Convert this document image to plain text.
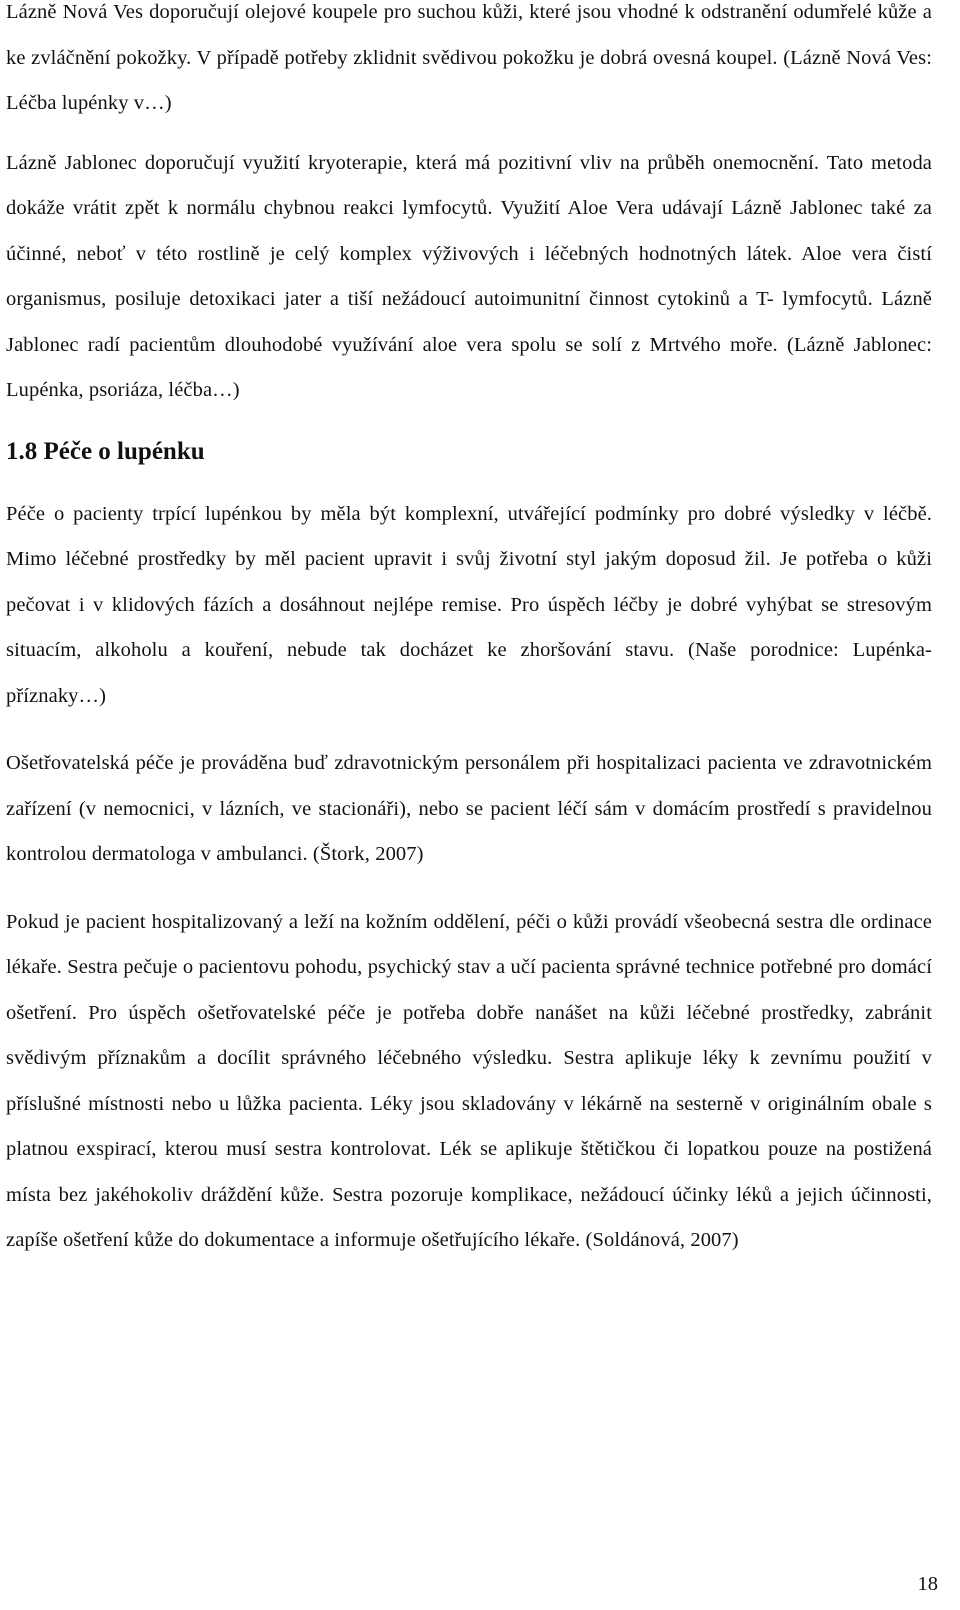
Lázně Nová Ves doporučují olejové koupele pro suchou kůži, které jsou vhodné k odstranění odumřelé kůže a ke zvláčnění pokožky. V případě potřeby zklidnit svědivou pokožku je dobrá ovesná koupel. (Lázně Nová Ves: Léčba lupénky v…)

Lázně Jablonec doporučují využití kryoterapie, která má pozitivní vliv na průběh onemocnění. Tato metoda dokáže vrátit zpět k normálu chybnou reakci lymfocytů. Využití Aloe Vera udávají Lázně Jablonec také za účinné, neboť v této rostlině je celý komplex výživových i léčebných hodnotných látek. Aloe vera čistí organismus, posiluje detoxikaci jater a tiší nežádoucí autoimunitní činnost cytokinů a T- lymfocytů. Lázně Jablonec radí pacientům dlouhodobé využívání aloe vera spolu se solí z Mrtvého moře. (Lázně Jablonec: Lupénka, psoriáza, léčba…)

1.8 Péče o lupénku

Péče o pacienty trpící lupénkou by měla být komplexní, utvářející podmínky pro dobré výsledky v léčbě. Mimo léčebné prostředky by měl pacient upravit i svůj životní styl jakým doposud žil. Je potřeba o kůži pečovat i v klidových fázích a dosáhnout nejlépe remise. Pro úspěch léčby je dobré vyhýbat se stresovým situacím, alkoholu a kouření, nebude tak docházet ke zhoršování stavu. (Naše porodnice: Lupénka- příznaky…)

Ošetřovatelská péče je prováděna buď zdravotnickým personálem při hospitalizaci pacienta ve zdravotnickém zařízení (v nemocnici, v lázních, ve stacionáři), nebo se pacient léčí sám v domácím prostředí s pravidelnou kontrolou dermatologa v ambulanci. (Štork, 2007)

Pokud je pacient hospitalizovaný a leží na kožním oddělení, péči o kůži provádí všeobecná sestra dle ordinace lékaře. Sestra pečuje o pacientovu pohodu, psychický stav a učí pacienta správné technice potřebné pro domácí ošetření. Pro úspěch ošetřovatelské péče je potřeba dobře nanášet na kůži léčebné prostředky, zabránit svědivým příznakům a docílit správného léčebného výsledku. Sestra aplikuje léky k zevnímu použití v příslušné místnosti nebo u lůžka pacienta. Léky jsou skladovány v lékárně na sesterně v originálním obale s platnou exspirací, kterou musí sestra kontrolovat. Lék se aplikuje štětičkou či lopatkou pouze na postižená místa bez jakéhokoliv dráždění kůže. Sestra pozoruje komplikace, nežádoucí účinky léků a jejich účinnosti, zapíše ošetření kůže do dokumentace a informuje ošetřujícího lékaře. (Soldánová, 2007)

18
